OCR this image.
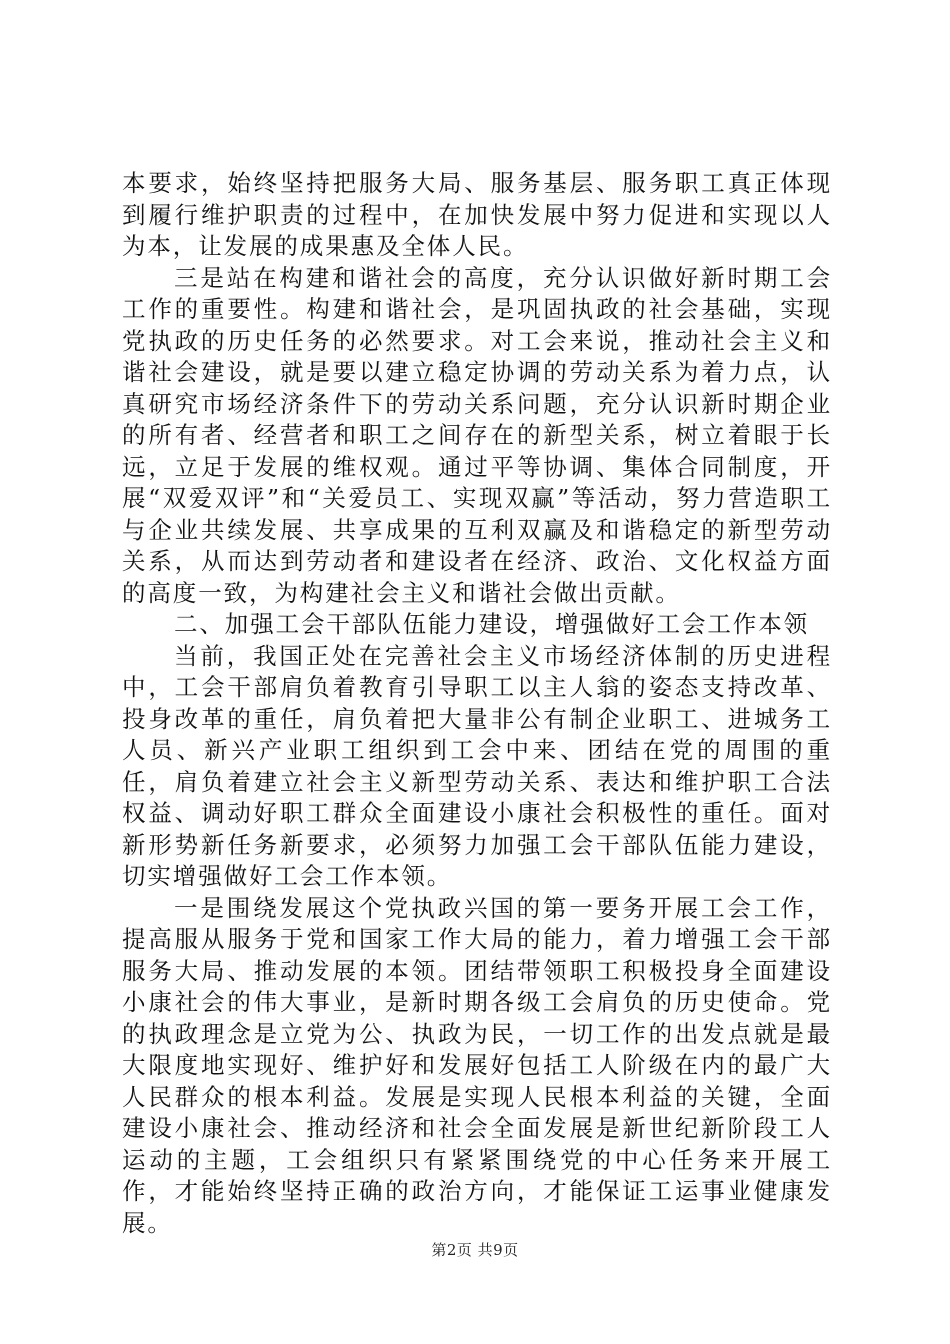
本要求，始终坚持把服务大局、服务基层、服务职工真正体现到履行维护职责的过程中，在加快发展中努力促进和实现以人为本，让发展的成果惠及全体人民。

三是站在构建和谐社会的高度，充分认识做好新时期工会工作的重要性。构建和谐社会，是巩固执政的社会基础，实现党执政的历史任务的必然要求。对工会来说，推动社会主义和谐社会建设，就是要以建立稳定协调的劳动关系为着力点，认真研究市场经济条件下的劳动关系问题，充分认识新时期企业的所有者、经营者和职工之间存在的新型关系，树立着眼于长远，立足于发展的维权观。通过平等协调、集体合同制度，开展“双爱双评”和“关爱员工、实现双赢”等活动，努力营造职工与企业共续发展、共享成果的互利双赢及和谐稳定的新型劳动关系，从而达到劳动者和建设者在经济、政治、文化权益方面的高度一致，为构建社会主义和谐社会做出贡献。

二、加强工会干部队伍能力建设，增强做好工会工作本领

当前，我国正处在完善社会主义市场经济体制的历史进程中，工会干部肩负着教育引导职工以主人翁的姿态支持改革、投身改革的重任，肩负着把大量非公有制企业职工、进城务工人员、新兴产业职工组织到工会中来、团结在党的周围的重任，肩负着建立社会主义新型劳动关系、表达和维护职工合法权益、调动好职工群众全面建设小康社会积极性的重任。面对新形势新任务新要求，必须努力加强工会干部队伍能力建设，切实增强做好工会工作本领。

一是围绕发展这个党执政兴国的第一要务开展工会工作，提高服从服务于党和国家工作大局的能力，着力增强工会干部服务大局、推动发展的本领。团结带领职工积极投身全面建设小康社会的伟大事业，是新时期各级工会肩负的历史使命。党的执政理念是立党为公、执政为民，一切工作的出发点就是最大限度地实现好、维护好和发展好包括工人阶级在内的最广大人民群众的根本利益。发展是实现人民根本利益的关键，全面建设小康社会、推动经济和社会全面发展是新世纪新阶段工人运动的主题，工会组织只有紧紧围绕党的中心任务来开展工作，才能始终坚持正确的政治方向，才能保证工运事业健康发展。

第2页 共9页
